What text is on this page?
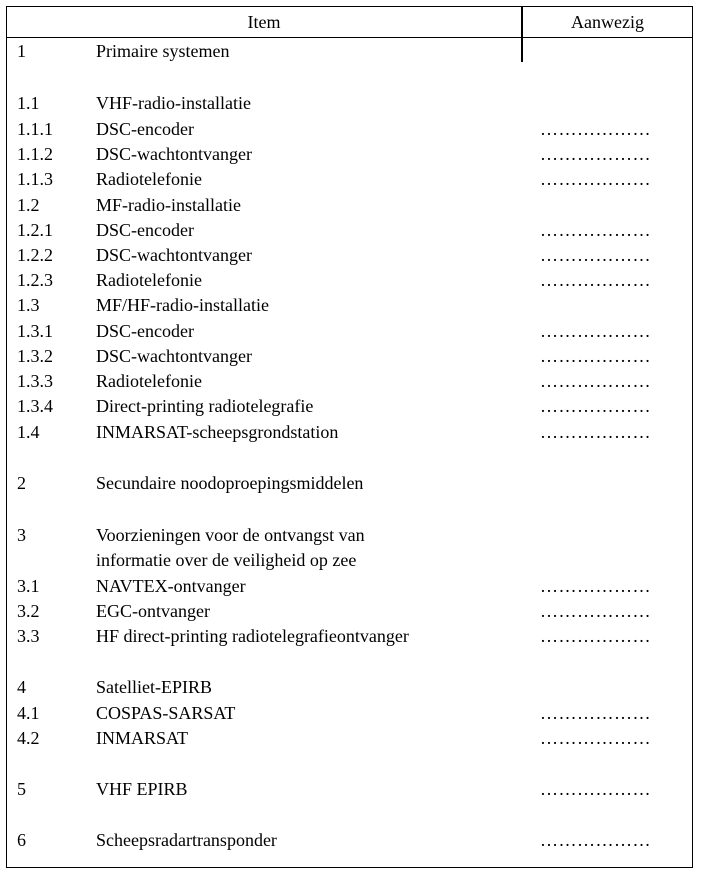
Item	Aanwezig
1	Primaire systemen
1.1	VHF-radio-installatie
1.1.1 DSC-encoder	………………
1.1.2 DSC-wachtontvanger	………………
1.1.3 Radiotelefonie	………………
1.2	MF-radio-installatie
1.2.1 DSC-encoder	………………
1.2.2 DSC-wachtontvanger	………………
1.2.3 Radiotelefonie	………………
1.3	MF/HF-radio-installatie
1.3.1 DSC-encoder	………………
1.3.2 DSC-wachtontvanger	………………
1.3.3 Radiotelefonie	………………
1.3.4 Direct-printing radiotelegrafie	………………
1.4	INMARSAT-scheepsgrondstation	………………
2	Secundaire noodoproepingsmiddelen
3	Voorzieningen voor de ontvangst van
informatie over de veiligheid op zee
3.1	NAVTEX-ontvanger	………………
3.2	EGC-ontvanger	………………
3.3	HF direct-printing radiotelegrafieontvanger	………………
4	Satelliet-EPIRB
4.1	COSPAS-SARSAT	………………
4.2	INMARSAT	………………
5	VHF EPIRB	………………
6	Scheepsradartransponder	………………
